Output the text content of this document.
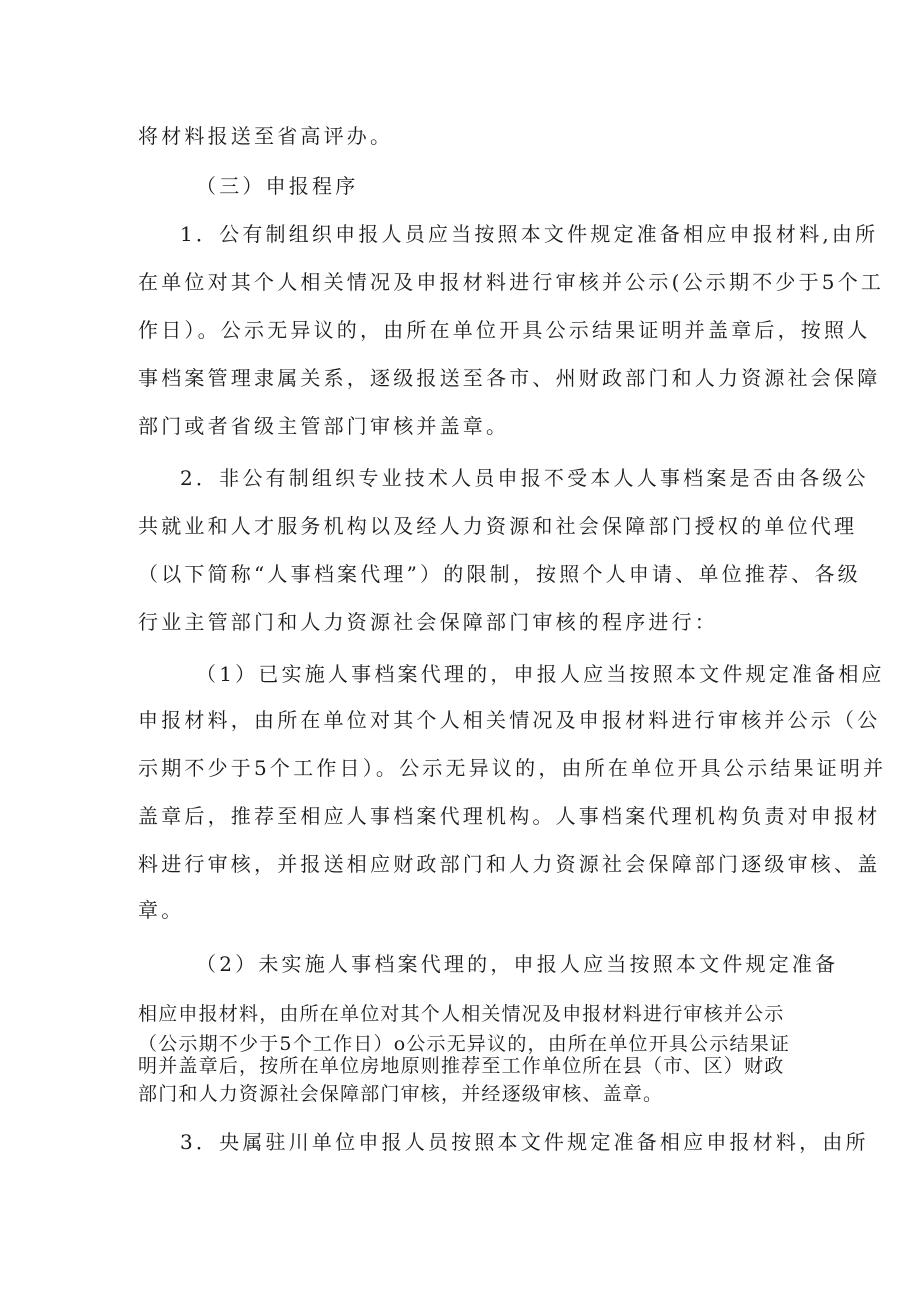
将材料报送至省高评办。
（三）申报程序
1．公有制组织申报人员应当按照本文件规定准备相应申报材料,由所
在单位对其个人相关情况及申报材料进行审核并公示(公示期不少于5个工
作日）。公示无异议的，由所在单位开具公示结果证明并盖章后，按照人
事档案管理隶属关系，逐级报送至各市、州财政部门和人力资源社会保障
部门或者省级主管部门审核并盖章。
2．非公有制组织专业技术人员申报不受本人人事档案是否由各级公
共就业和人才服务机构以及经人力资源和社会保障部门授权的单位代理
（以下简称“人事档案代理”）的限制，按照个人申请、单位推荐、各级
行业主管部门和人力资源社会保障部门审核的程序进行：
（1）已实施人事档案代理的，申报人应当按照本文件规定准备相应
申报材料，由所在单位对其个人相关情况及申报材料进行审核并公示（公
示期不少于5个工作日）。公示无异议的，由所在单位开具公示结果证明并
盖章后，推荐至相应人事档案代理机构。人事档案代理机构负责对申报材
料进行审核，并报送相应财政部门和人力资源社会保障部门逐级审核、盖
章。
（2）未实施人事档案代理的，申报人应当按照本文件规定准备
相应申报材料，由所在单位对其个人相关情况及申报材料进行审核并公示
（公示期不少于5个工作日）o公示无异议的，由所在单位开具公示结果证
明并盖章后，按所在单位房地原则推荐至工作单位所在县（市、区）财政
部门和人力资源社会保障部门审核，并经逐级审核、盖章。
3．央属驻川单位申报人员按照本文件规定准备相应申报材料，由所
